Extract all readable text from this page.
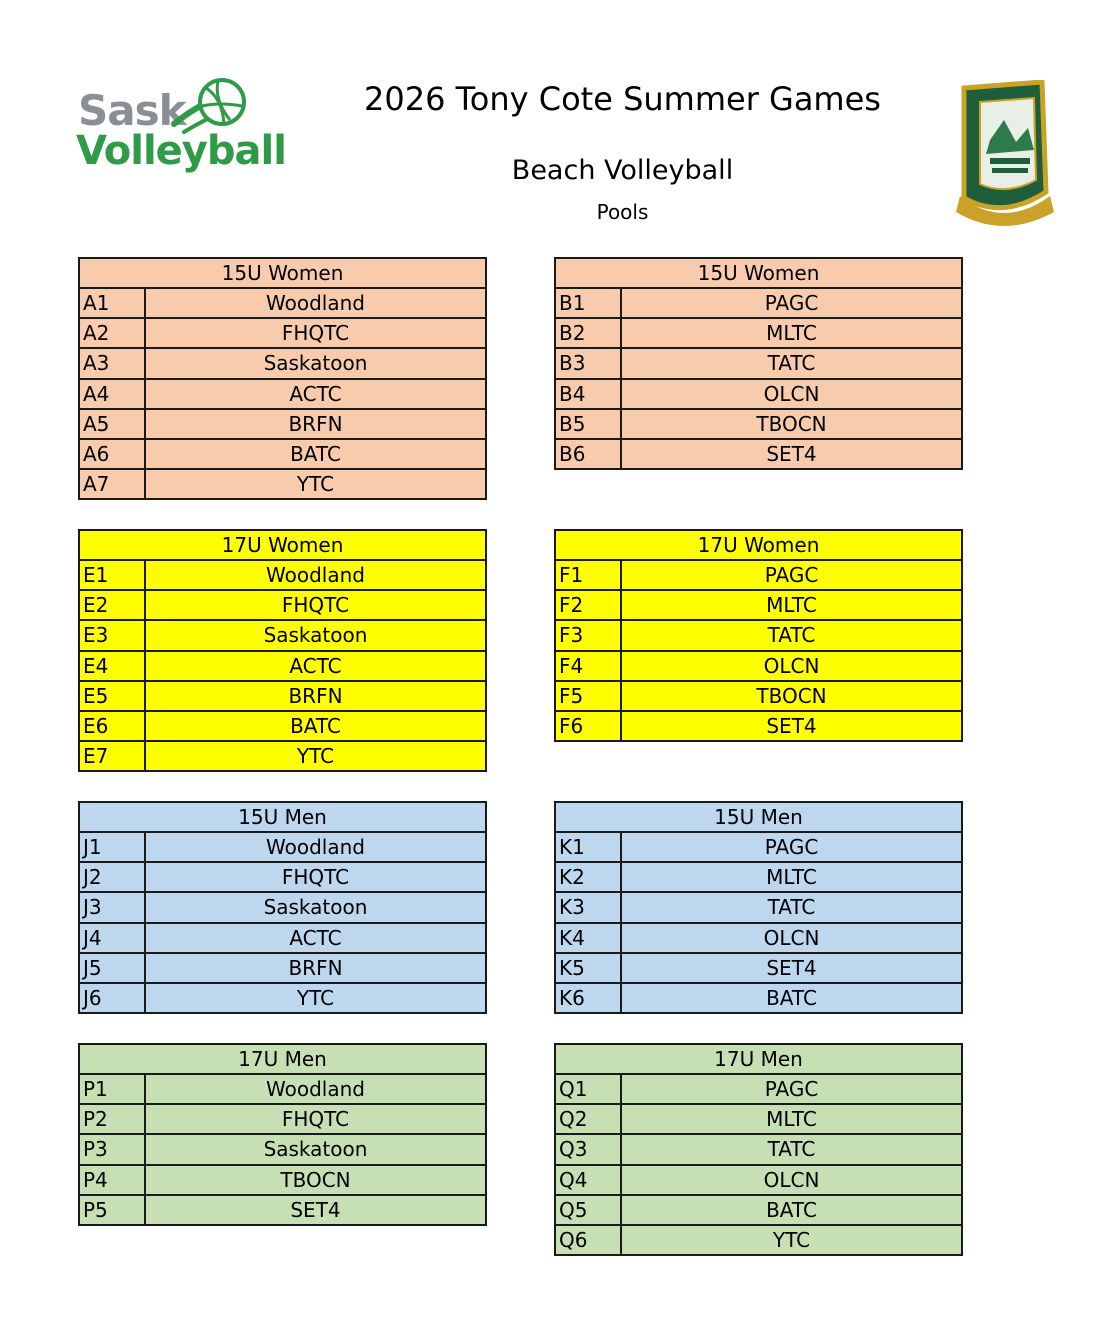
Sask
Volleyball
2026 Tony Cote Summer Games
Beach Volleyball
Pools
15U Women
A1	Woodland
A2	FHQTC
A3	Saskatoon
A4	ACTC
A5	BRFN
A6	BATC
A7	YTC
15U Women
B1	PAGC
B2	MLTC
B3	TATC
B4	OLCN
B5	TBOCN
B6	SET4
17U Women
E1	Woodland
E2	FHQTC
E3	Saskatoon
E4	ACTC
E5	BRFN
E6	BATC
E7	YTC
17U Women
F1	PAGC
F2	MLTC
F3	TATC
F4	OLCN
F5	TBOCN
F6	SET4
15U Men
J1	Woodland
J2	FHQTC
J3	Saskatoon
J4	ACTC
J5	BRFN
J6	YTC
15U Men
K1	PAGC
K2	MLTC
K3	TATC
K4	OLCN
K5	SET4
K6	BATC
17U Men
P1	Woodland
P2	FHQTC
P3	Saskatoon
P4	TBOCN
P5	SET4
17U Men
Q1	PAGC
Q2	MLTC
Q3	TATC
Q4	OLCN
Q5	BATC
Q6	YTC
